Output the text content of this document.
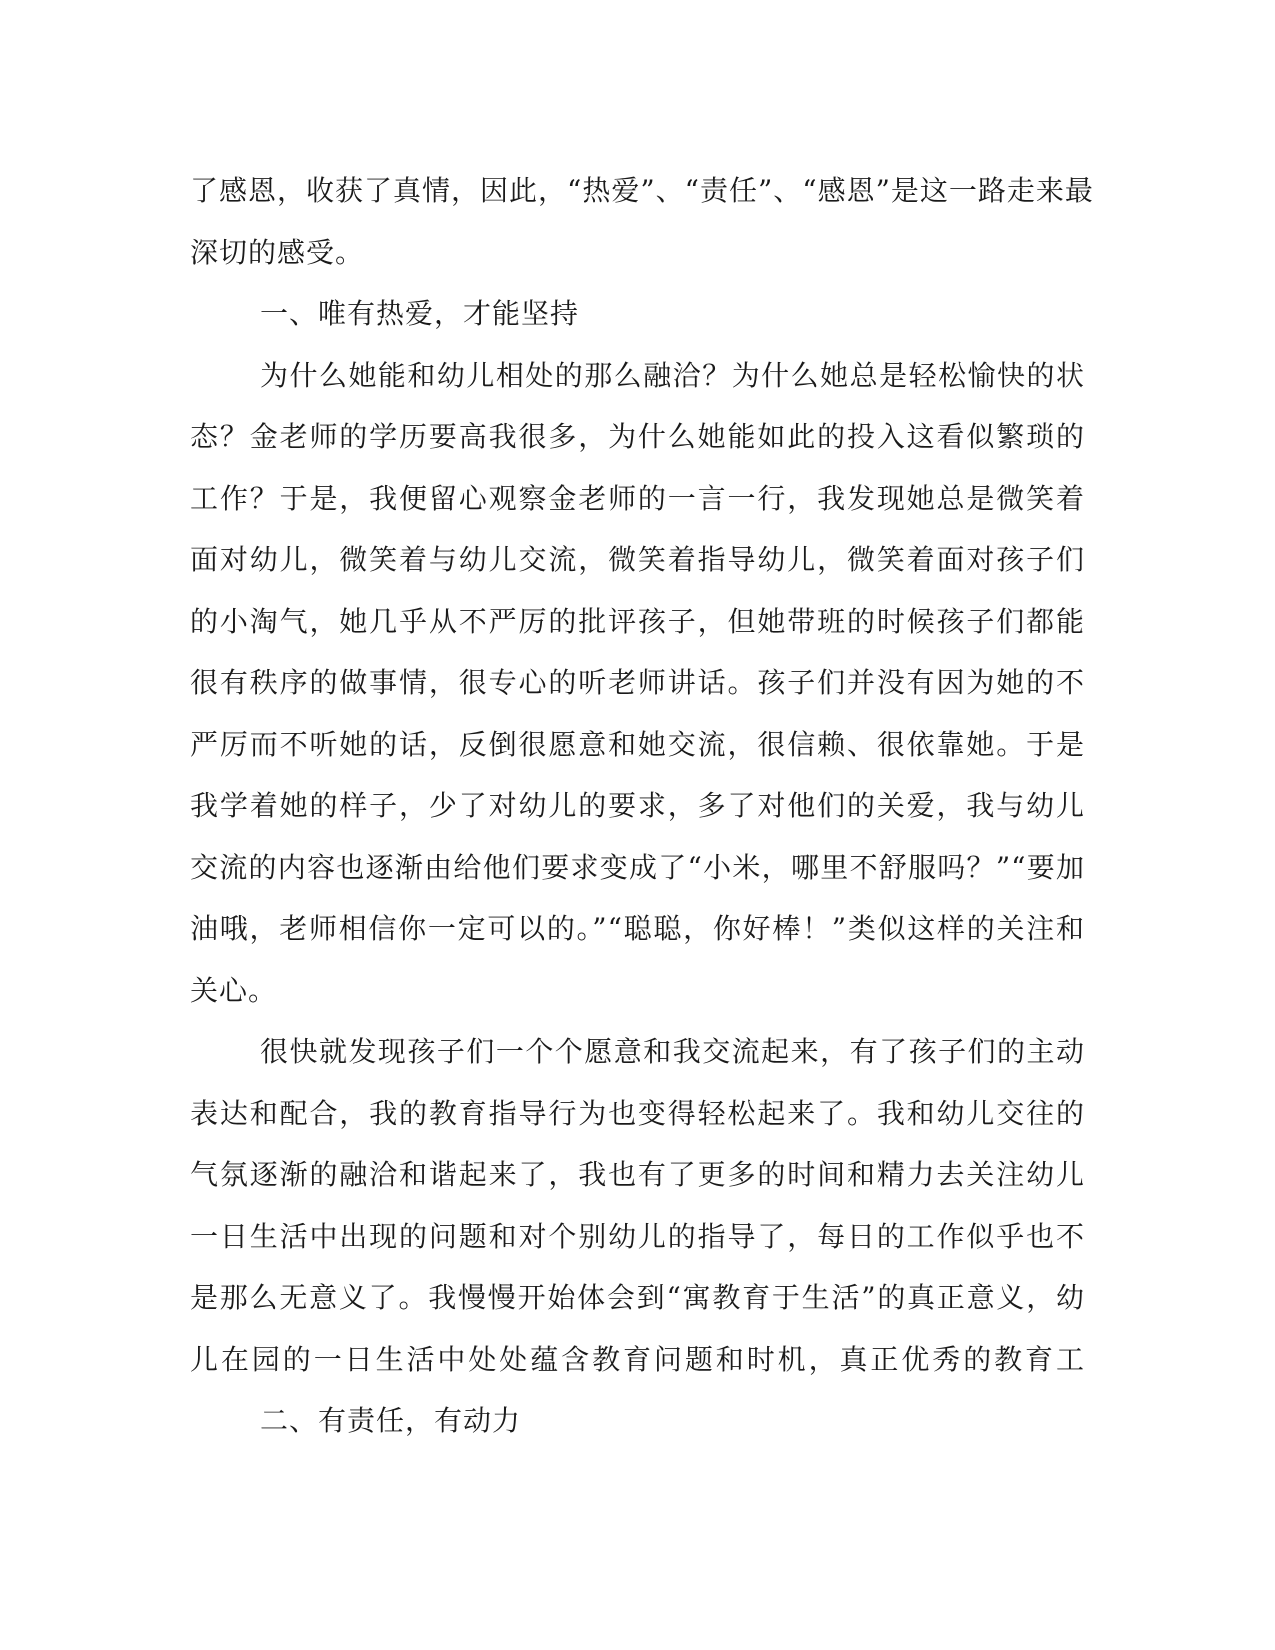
了感恩，收获了真情，因此，“热爱”、“责任”、“感恩”是这一路走来最
深切的感受。
一、唯有热爱，才能坚持
为什么她能和幼儿相处的那么融洽？为什么她总是轻松愉快的状
态？金老师的学历要高我很多，为什么她能如此的投入这看似繁琐的
工作？于是，我便留心观察金老师的一言一行，我发现她总是微笑着
面对幼儿，微笑着与幼儿交流，微笑着指导幼儿，微笑着面对孩子们
的小淘气，她几乎从不严厉的批评孩子，但她带班的时候孩子们都能
很有秩序的做事情，很专心的听老师讲话。孩子们并没有因为她的不
严厉而不听她的话，反倒很愿意和她交流，很信赖、很依靠她。于是
我学着她的样子，少了对幼儿的要求，多了对他们的关爱，我与幼儿
交流的内容也逐渐由给他们要求变成了“小米，哪里不舒服吗？”“要加
油哦，老师相信你一定可以的。”“聪聪，你好棒！”类似这样的关注和
关心。
很快就发现孩子们一个个愿意和我交流起来，有了孩子们的主动
表达和配合，我的教育指导行为也变得轻松起来了。我和幼儿交往的
气氛逐渐的融洽和谐起来了，我也有了更多的时间和精力去关注幼儿
一日生活中出现的问题和对个别幼儿的指导了，每日的工作似乎也不
是那么无意义了。我慢慢开始体会到“寓教育于生活”的真正意义，幼
儿在园的一日生活中处处蕴含教育问题和时机，真正优秀的教育工
二、有责任，有动力
